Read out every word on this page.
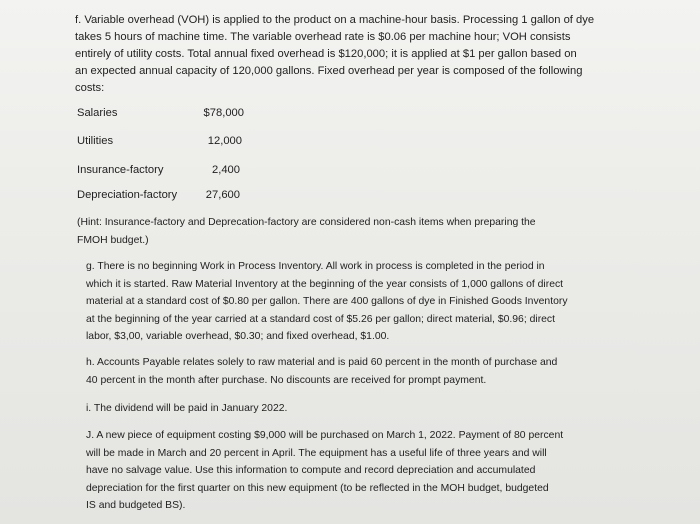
f. Variable overhead (VOH) is applied to the product on a machine-hour basis. Processing 1 gallon of dye
takes 5 hours of machine time. The variable overhead rate is $0.06 per machine hour; VOH consists
entirely of utility costs. Total annual fixed overhead is $120,000; it is applied at $1 per gallon based on
an expected annual capacity of 120,000 gallons. Fixed overhead per year is composed of the following
costs:
Salaries	$78,000
Utilities	12,000
Insurance-factory	2,400
Depreciation-factory	27,600
(Hint: Insurance-factory and Deprecation-factory are considered non-cash items when preparing the
FMOH budget.)
g. There is no beginning Work in Process Inventory. All work in process is completed in the period in
which it is started. Raw Material Inventory at the beginning of the year consists of 1,000 gallons of direct
material at a standard cost of $0.80 per gallon. There are 400 gallons of dye in Finished Goods Inventory
at the beginning of the year carried at a standard cost of $5.26 per gallon; direct material, $0.96; direct
labor, $3,00, variable overhead, $0.30; and fixed overhead, $1.00.
h. Accounts Payable relates solely to raw material and is paid 60 percent in the month of purchase and
40 percent in the month after purchase. No discounts are received for prompt payment.
i. The dividend will be paid in January 2022.
J. A new piece of equipment costing $9,000 will be purchased on March 1, 2022. Payment of 80 percent
will be made in March and 20 percent in April. The equipment has a useful life of three years and will
have no salvage value. Use this information to compute and record depreciation and accumulated
depreciation for the first quarter on this new equipment (to be reflected in the MOH budget, budgeted
IS and budgeted BS).
